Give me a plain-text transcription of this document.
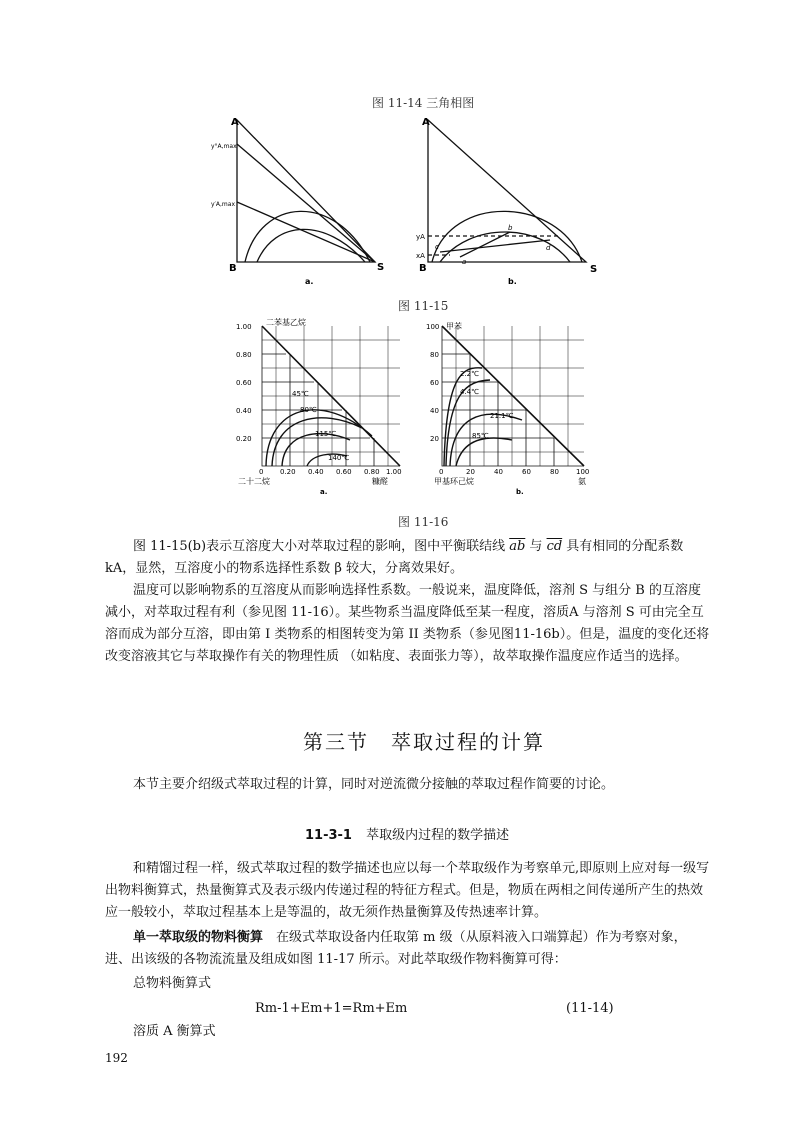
图 11-14 三角相图
A
B	S
y°A,max
y′A,max
a.
A
B	S
yA
xA
a
b
c	d
b.
图 11-15
二苯基乙烷
1.00
0.80
0.60
0.40
0.20
0 0.20 0.40 0.60 0.80 1.00
45℃
80℃
115℃
140℃
二十二烷	糠醛
a.
甲苯
100
80
60
40
20
0	20	40	60	80 100
2.2℃
4.4℃
21.1℃
85℃
甲基环己烷	氨
b.
图 11-16

图 11-15(b)表示互溶度大小对萃取过程的影响，图中平衡联结线 $\overline{ab}$ 与 $\overline{cd}$ 具有相同的分配系数

kA，显然，互溶度小的物系选择性系数 β 较大，分离效果好。

温度可以影响物系的互溶度从而影响选择性系数。一般说来，温度降低，溶剂 S 与组分 B 的互溶度减小，对萃取过程有利（参见图 11-16）。某些物系当温度降低至某一程度，溶质A 与溶剂 S 可由完全互溶而成为部分互溶，即由第 I 类物系的相图转变为第 II 类物系（参见图11-16b）。但是，温度的变化还将改变溶液其它与萃取操作有关的物理性质 （如粘度、表面张力等），故萃取操作温度应作适当的选择。

第三节　萃取过程的计算

本节主要介绍级式萃取过程的计算，同时对逆流微分接触的萃取过程作简要的讨论。

11-3-1 萃取级内过程的数学描述

和精馏过程一样，级式萃取过程的数学描述也应以每一个萃取级作为考察单元,即原则上应对每一级写出物料衡算式，热量衡算式及表示级内传递过程的特征方程式。但是，物质在两相之间传递所产生的热效应一般较小，萃取过程基本上是等温的，故无须作热量衡算及传热速率计算。

单一萃取级的物料衡算　在级式萃取设备内任取第 m 级（从原料液入口端算起）作为考察对象，进、出该级的各物流流量及组成如图 11-17 所示。对此萃取级作物料衡算可得：

总物料衡算式
Rm-1+Em+1=Rm+Em	(11-14)
溶质 A 衡算式
192
